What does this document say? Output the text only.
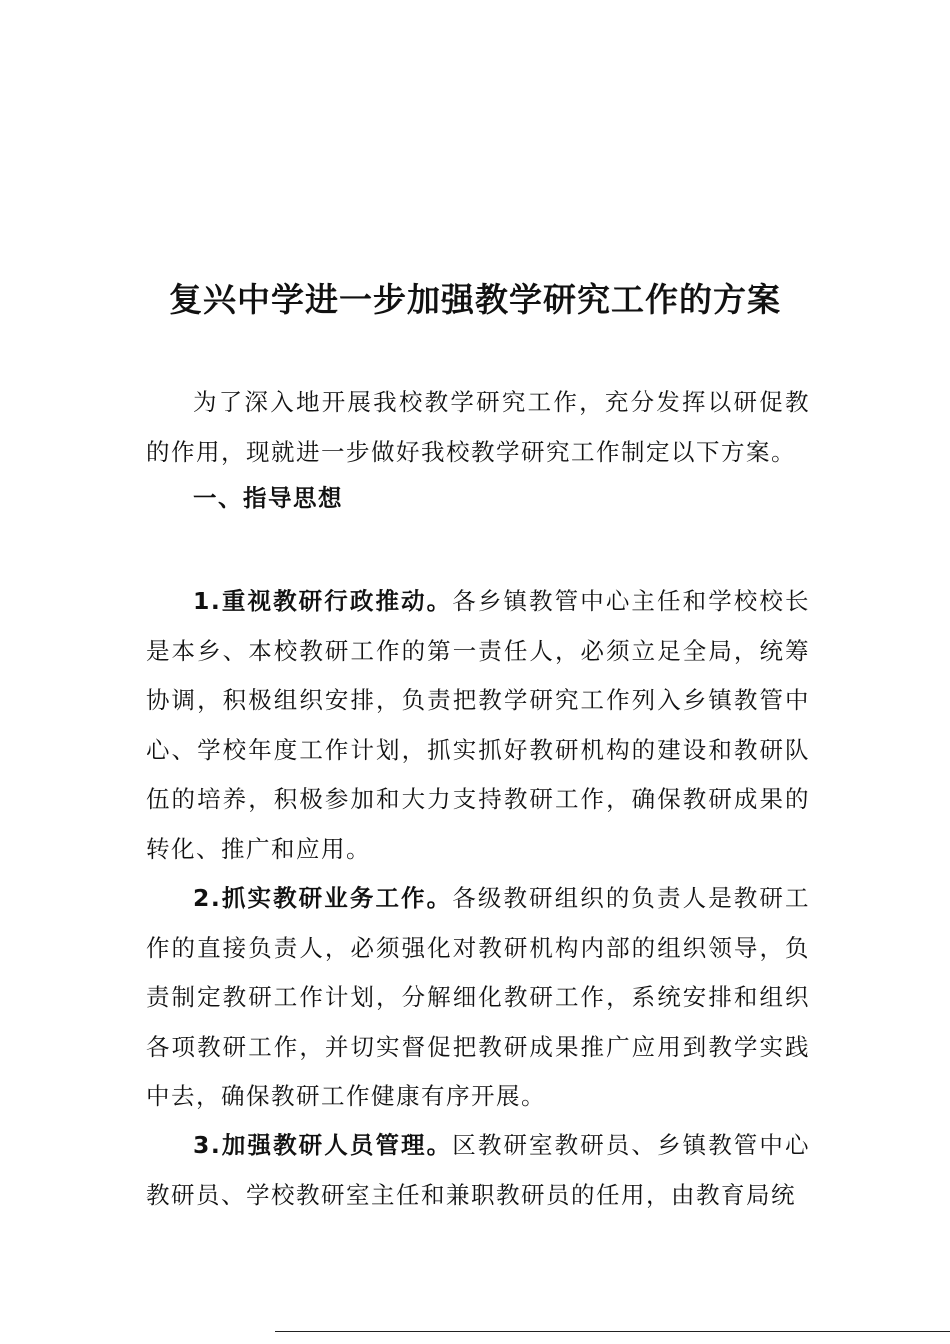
复兴中学进一步加强教学研究工作的方案

为了深入地开展我校教学研究工作，充分发挥以研促教的作用，现就进一步做好我校教学研究工作制定以下方案。

一、指导思想

1.重视教研行政推动。各乡镇教管中心主任和学校校长是本乡、本校教研工作的第一责任人，必须立足全局，统筹协调，积极组织安排，负责把教学研究工作列入乡镇教管中心、学校年度工作计划，抓实抓好教研机构的建设和教研队伍的培养，积极参加和大力支持教研工作，确保教研成果的转化、推广和应用。

2.抓实教研业务工作。各级教研组织的负责人是教研工作的直接负责人，必须强化对教研机构内部的组织领导，负责制定教研工作计划，分解细化教研工作，系统安排和组织各项教研工作，并切实督促把教研成果推广应用到教学实践中去，确保教研工作健康有序开展。

3.加强教研人员管理。区教研室教研员、乡镇教管中心教研员、学校教研室主任和兼职教研员的任用，由教育局统
